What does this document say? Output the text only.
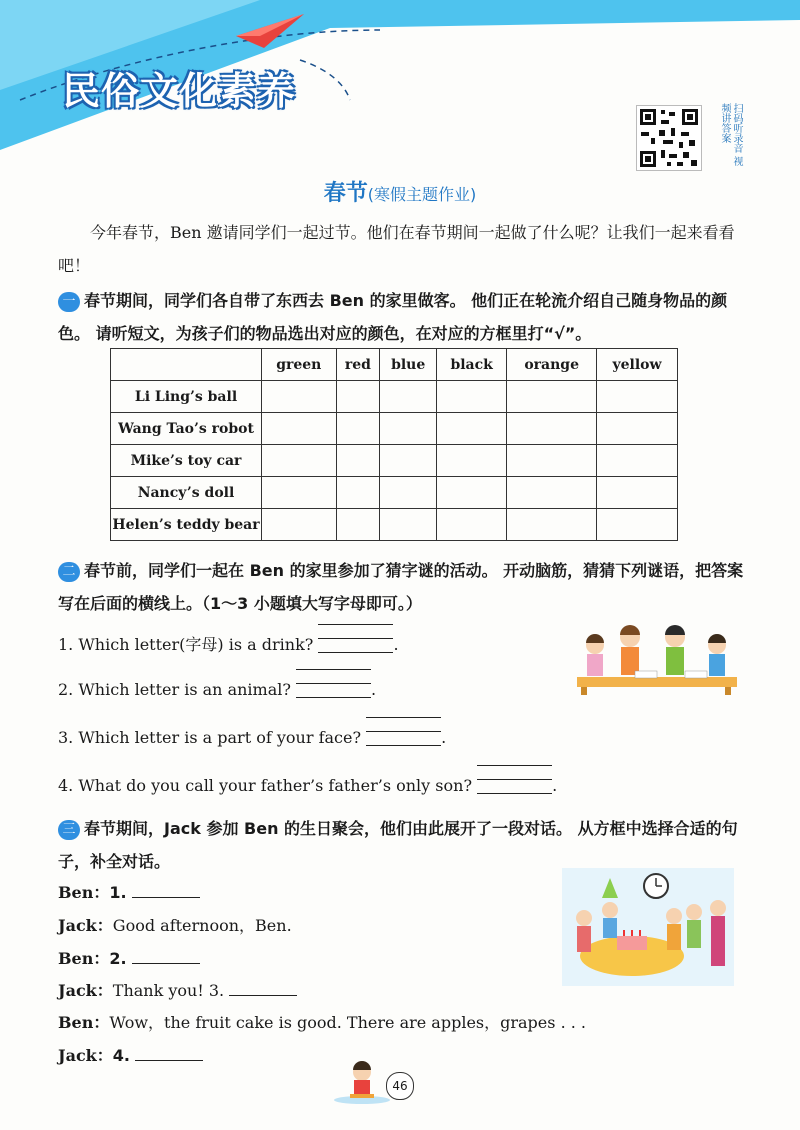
民俗文化素养
扫码听录音 视频讲答案
春节(寒假主题作业)
今年春节，Ben 邀请同学们一起过节。他们在春节期间一起做了什么呢？让我们一起来看看吧！
一 春节期间，同学们各自带了东西去 Ben 的家里做客。 他们正在轮流介绍自己随身物品的颜色。 请听短文，为孩子们的物品选出对应的颜色，在对应的方框里打“√”。
	green	red	blue	black	orange	yellow
Li Ling’s ball						
Wang Tao’s robot						
Mike’s toy car						
Nancy’s doll						
Helen’s teddy bear						
二 春节前，同学们一起在 Ben 的家里参加了猜字谜的活动。 开动脑筋，猜猜下列谜语，把答案写在后面的横线上。（1～3 小题填大写字母即可。）
1. Which letter(字母) is a drink?	.
2. Which letter is an animal?	.
3. Which letter is a part of your face?	.
4. What do you call your father’s father’s only son?	.
三 春节期间，Jack 参加 Ben 的生日聚会，他们由此展开了一段对话。 从方框中选择合适的句子，补全对话。
Ben：1.
Jack：Good afternoon，Ben.
Ben：2.
Jack：Thank you! 3.
Ben：Wow，the fruit cake is good. There are apples，grapes . . .
Jack：4.
46
